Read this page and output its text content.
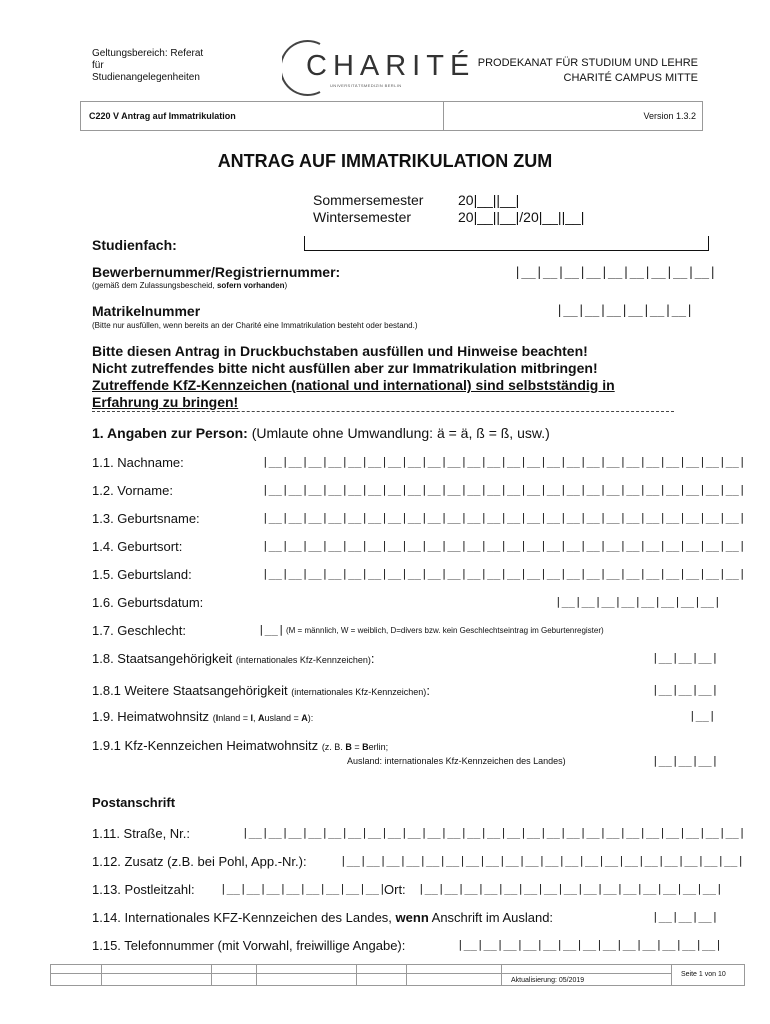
Geltungsbereich: Referat
für
Studienangelegenheiten	CHARITÉ
UNIVERSITÄTSMEDIZIN BERLIN
PRODEKANAT FÜR STUDIUM UND LEHRE
CHARITÉ CAMPUS MITTE
C220 V Antrag auf Immatrikulation	Version 1.3.2
ANTRAG AUF IMMATRIKULATION ZUM
Sommersemester 20|__||__|
Wintersemester	20|__||__|/20|__||__|
Studienfach:
Bewerbernummer/Registriernummer:
(gemäß dem Zulassungsbescheid, sofern vorhanden)
|__|__|__|__|__|__|__|__|__|
Matrikelnummer
(Bitte nur ausfüllen, wenn bereits an der Charité eine Immatrikulation besteht oder bestand.)
|__|__|__|__|__|__|
Bitte diesen Antrag in Druckbuchstaben ausfüllen und Hinweise beachten!
Nicht zutreffendes bitte nicht ausfüllen aber zur Immatrikulation mitbringen!
Zutreffende KfZ-Kennzeichen (national und international) sind selbstständig in
Erfahrung zu bringen!
1. Angaben zur Person: (Umlaute ohne Umwandlung: ä = ä, ß = ß, usw.)
1.1. Nachname:	|__|__|__|__|__|__|__|__|__|__|__|__|__|__|__|__|__|__|__|__|__|__|__|__|
1.2. Vorname:	|__|__|__|__|__|__|__|__|__|__|__|__|__|__|__|__|__|__|__|__|__|__|__|__|
1.3. Geburtsname:	|__|__|__|__|__|__|__|__|__|__|__|__|__|__|__|__|__|__|__|__|__|__|__|__|
1.4. Geburtsort:	|__|__|__|__|__|__|__|__|__|__|__|__|__|__|__|__|__|__|__|__|__|__|__|__|
1.5. Geburtsland:	|__|__|__|__|__|__|__|__|__|__|__|__|__|__|__|__|__|__|__|__|__|__|__|__|
1.6. Geburtsdatum:	|__|__|__|__|__|__|__|__|
1.7. Geschlecht:	|__| (M = männlich, W = weiblich, D=divers bzw. kein Geschlechtseintrag im Geburtenregister)
1.8. Staatsangehörigkeit (internationales Kfz-Kennzeichen):	|__|__|__|
1.8.1 Weitere Staatsangehörigkeit (internationales Kfz-Kennzeichen):	|__|__|__|
1.9. Heimatwohnsitz (Inland = I, Ausland = A):	|__|
1.9.1 Kfz-Kennzeichen Heimatwohnsitz (z. B. B = Berlin;
Ausland: internationales Kfz-Kennzeichen des Landes)	|__|__|__|
Postanschrift
1.11. Straße, Nr.:	|__|__|__|__|__|__|__|__|__|__|__|__|__|__|__|__|__|__|__|__|__|__|__|__|__|
1.12. Zusatz (z.B. bei Pohl, App.-Nr.):	|__|__|__|__|__|__|__|__|__|__|__|__|__|__|__|__|__|__|__|__|
1.13. Postleitzahl: |__|__|__|__|__|__|__|__|
Ort: |__|__|__|__|__|__|__|__|__|__|__|__|__|__|__|
1.14. Internationales KFZ-Kennzeichen des Landes, wenn Anschrift im Ausland:	|__|__|__|
1.15. Telefonnummer (mit Vorwahl, freiwillige Angabe):	|__|__|__|__|__|__|__|__|__|__|__|__|__|
Aktualisierung: 05/2019
Seite 1 von 10
